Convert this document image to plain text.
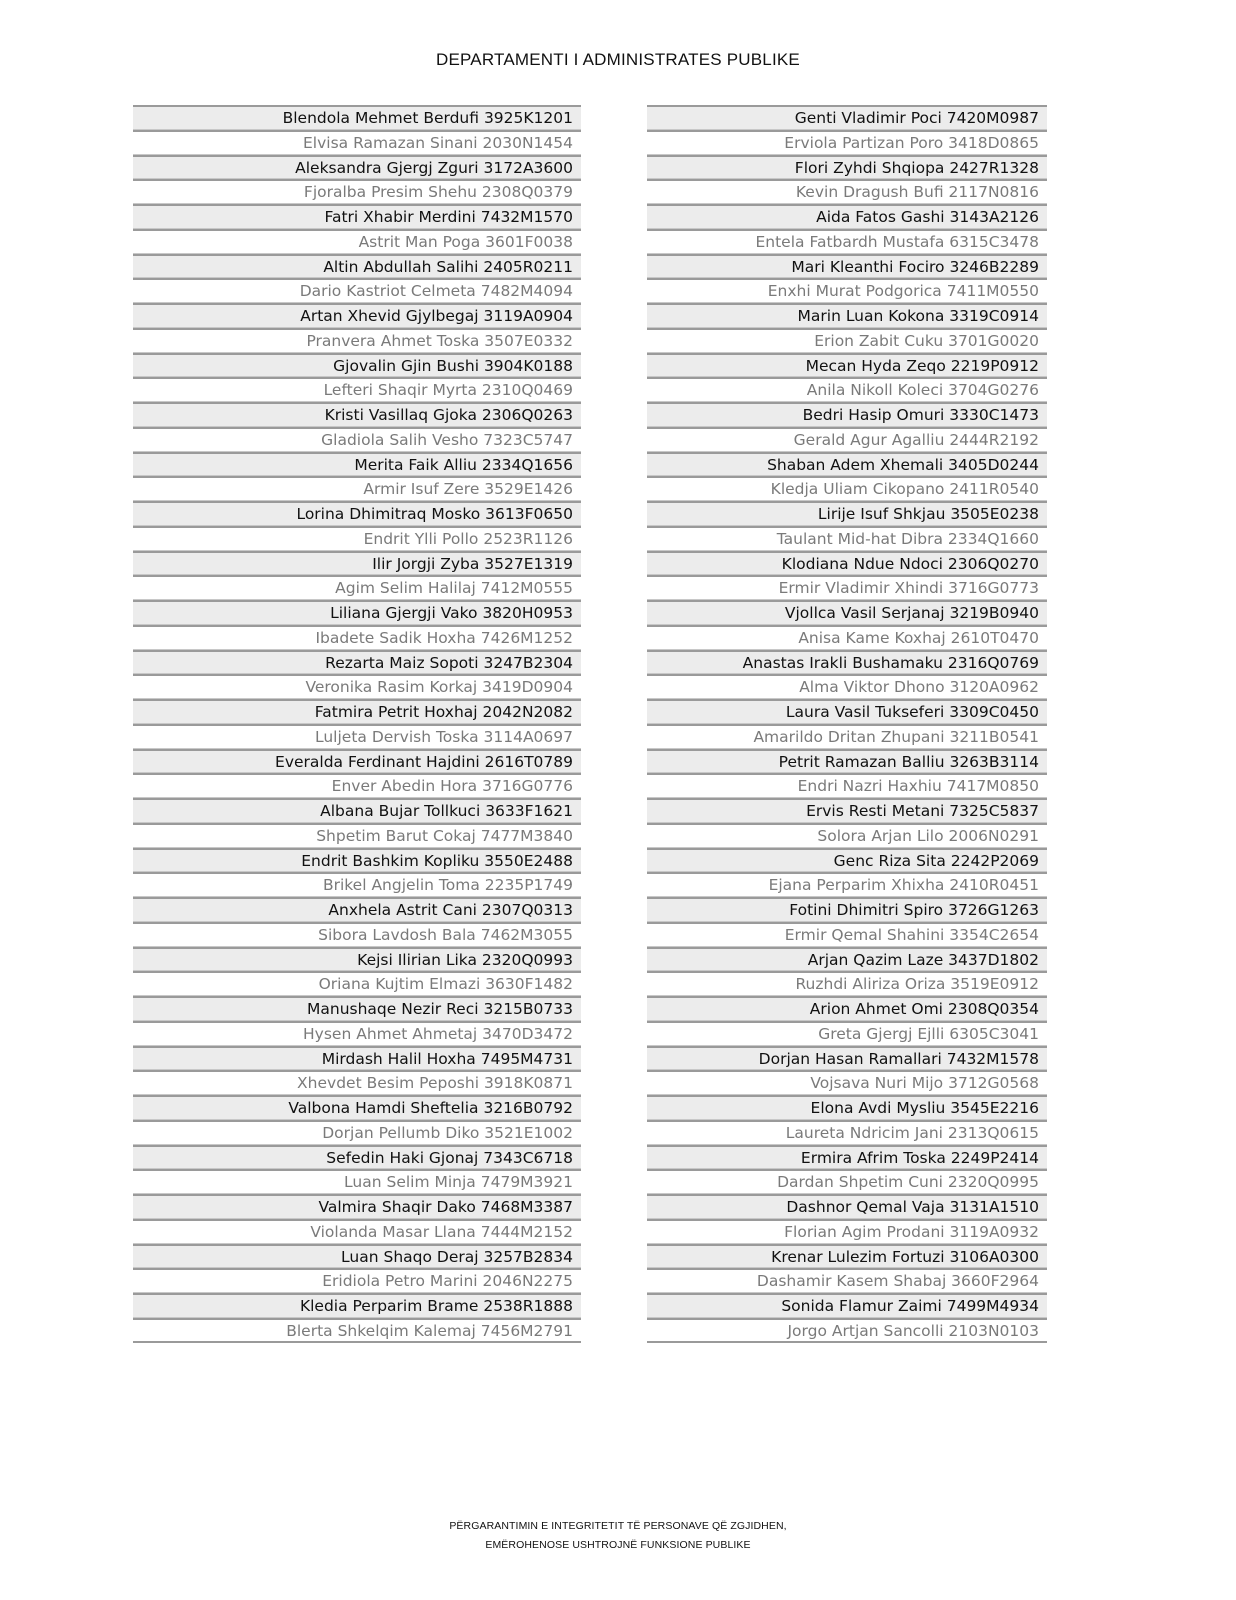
DEPARTAMENTI I ADMINISTRATES PUBLIKE
Blendola Mehmet Berdufi 3925K1201
Elvisa Ramazan Sinani 2030N1454
Aleksandra Gjergj Zguri 3172A3600
Fjoralba Presim Shehu 2308Q0379
Fatri Xhabir Merdini 7432M1570
Astrit Man Poga 3601F0038
Altin Abdullah Salihi 2405R0211
Dario Kastriot Celmeta 7482M4094
Artan Xhevid Gjylbegaj 3119A0904
Pranvera Ahmet Toska 3507E0332
Gjovalin Gjin Bushi 3904K0188
Lefteri Shaqir Myrta 2310Q0469
Kristi Vasillaq Gjoka 2306Q0263
Gladiola Salih Vesho 7323C5747
Merita Faik Alliu 2334Q1656
Armir Isuf Zere 3529E1426
Lorina Dhimitraq Mosko 3613F0650
Endrit Ylli Pollo 2523R1126
Ilir Jorgji Zyba 3527E1319
Agim Selim Halilaj 7412M0555
Liliana Gjergji Vako 3820H0953
Ibadete Sadik Hoxha 7426M1252
Rezarta Maiz Sopoti 3247B2304
Veronika Rasim Korkaj 3419D0904
Fatmira Petrit Hoxhaj 2042N2082
Luljeta Dervish Toska 3114A0697
Everalda Ferdinant Hajdini 2616T0789
Enver Abedin Hora 3716G0776
Albana Bujar Tollkuci 3633F1621
Shpetim Barut Cokaj 7477M3840
Endrit Bashkim Kopliku 3550E2488
Brikel Angjelin Toma 2235P1749
Anxhela Astrit Cani 2307Q0313
Sibora Lavdosh Bala 7462M3055
Kejsi Ilirian Lika 2320Q0993
Oriana Kujtim Elmazi 3630F1482
Manushaqe Nezir Reci 3215B0733
Hysen Ahmet Ahmetaj 3470D3472
Mirdash Halil Hoxha 7495M4731
Xhevdet Besim Peposhi 3918K0871
Valbona Hamdi Sheftelia 3216B0792
Dorjan Pellumb Diko 3521E1002
Sefedin Haki Gjonaj 7343C6718
Luan Selim Minja 7479M3921
Valmira Shaqir Dako 7468M3387
Violanda Masar Llana 7444M2152
Luan Shaqo Deraj 3257B2834
Eridiola Petro Marini 2046N2275
Kledia Perparim Brame 2538R1888
Blerta Shkelqim Kalemaj 7456M2791
Genti Vladimir Poci 7420M0987
Erviola Partizan Poro 3418D0865
Flori Zyhdi Shqiopa 2427R1328
Kevin Dragush Bufi 2117N0816
Aida Fatos Gashi 3143A2126
Entela Fatbardh Mustafa 6315C3478
Mari Kleanthi Fociro 3246B2289
Enxhi Murat Podgorica 7411M0550
Marin Luan Kokona 3319C0914
Erion Zabit Cuku 3701G0020
Mecan Hyda Zeqo 2219P0912
Anila Nikoll Koleci 3704G0276
Bedri Hasip Omuri 3330C1473
Gerald Agur Agalliu 2444R2192
Shaban Adem Xhemali 3405D0244
Kledja Uliam Cikopano 2411R0540
Lirije Isuf Shkjau 3505E0238
Taulant Mid-hat Dibra 2334Q1660
Klodiana Ndue Ndoci 2306Q0270
Ermir Vladimir Xhindi 3716G0773
Vjollca Vasil Serjanaj 3219B0940
Anisa Kame Koxhaj 2610T0470
Anastas Irakli Bushamaku 2316Q0769
Alma Viktor Dhono 3120A0962
Laura Vasil Tukseferi 3309C0450
Amarildo Dritan Zhupani 3211B0541
Petrit Ramazan Balliu 3263B3114
Endri Nazri Haxhiu 7417M0850
Ervis Resti Metani 7325C5837
Solora Arjan Lilo 2006N0291
Genc Riza Sita 2242P2069
Ejana Perparim Xhixha 2410R0451
Fotini Dhimitri Spiro 3726G1263
Ermir Qemal Shahini 3354C2654
Arjan Qazim Laze 3437D1802
Ruzhdi Aliriza Oriza 3519E0912
Arion Ahmet Omi 2308Q0354
Greta Gjergj Ejlli 6305C3041
Dorjan Hasan Ramallari 7432M1578
Vojsava Nuri Mijo 3712G0568
Elona Avdi Mysliu 3545E2216
Laureta Ndricim Jani 2313Q0615
Ermira Afrim Toska 2249P2414
Dardan Shpetim Cuni 2320Q0995
Dashnor Qemal Vaja 3131A1510
Florian Agim Prodani 3119A0932
Krenar Lulezim Fortuzi 3106A0300
Dashamir Kasem Shabaj 3660F2964
Sonida Flamur Zaimi 7499M4934
Jorgo Artjan Sancolli 2103N0103
PËRGARANTIMIN E INTEGRITETIT TË PERSONAVE QË ZGJIDHEN,
EMËROHENOSE USHTROJNË FUNKSIONE PUBLIKE
